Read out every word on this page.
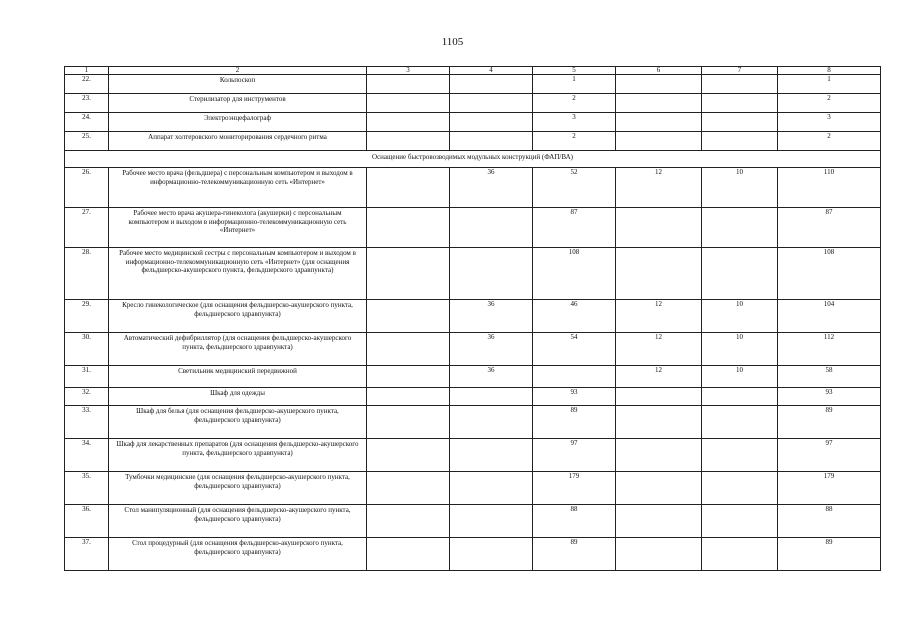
1105
1	2	3	4	5	6	7	8
22.	Кольпоскоп			1			1
23.	Стерилизатор для инструментов			2			2
24.	Электроэнцефалограф			3			3
25.	Аппарат холтеровского мониторирования сердечного ритма			2			2
Оснащение быстровозводимых модульных конструкций (ФАП/ВА)							
26.	Рабочее место врача (фельдшера) с персональным компьютером и выходом в информационно-телекоммуникационную сеть «Интернет»		36	52	12	10	110
27.	Рабочее место врача акушера-гинеколога (акушерки) с персональным компьютером и выходом в информационно-телекоммуникационную сеть «Интернет»			87			87
28.	Рабочее место медицинской сестры с персональным компьютером и выходом в информационно-телекоммуникационную сеть «Интернет» (для оснащения фельдшерско-акушерского пункта, фельдшерского здравпункта)			108			108
29.	Кресло гинекологическое (для оснащения фельдшерско-акушерского пункта, фельдшерского здравпункта)		36	46	12	10	104
30.	Автоматический дефибриллятор (для оснащения фельдшерско-акушерского пункта, фельдшерского здравпункта)		36	54	12	10	112
31.	Светильник медицинский передвижной		36		12	10	58
32.	Шкаф для одежды			93			93
33.	Шкаф для белья (для оснащения фельдшерско-акушерского пункта, фельдшерского здравпункта)			89			89
34.	Шкаф для лекарственных препаратов (для оснащения фельдшерско-акушерского пункта, фельдшерского здравпункта)			97			97
35.	Тумбочки медицинские (для оснащения фельдшерско-акушерского пункта, фельдшерского здравпункта)			179			179
36.	Стол манипуляционный (для оснащения фельдшерско-акушерского пункта, фельдшерского здравпункта)			88			88
37.	Стол процедурный (для оснащения фельдшерско-акушерского пункта, фельдшерского здравпункта)			89			89
